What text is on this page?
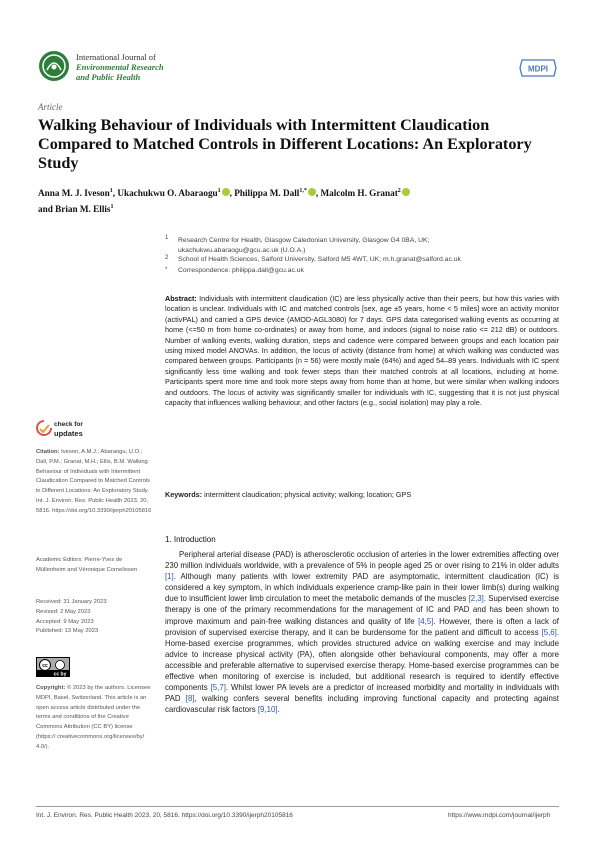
International Journal of
Environmental Research
and Public Health
MDPI
Article
Walking Behaviour of Individuals with Intermittent Claudication Compared to Matched Controls in Different Locations: An Exploratory Study
Anna M. J. Iveson$^1$, Ukachukwu O. Abaraogu$^1$ , Philippa M. Dall$^{1,*}$ , Malcolm H. Granat$^2$
and Brian M. Ellis$^1$
1 Research Centre for Health, Glasgow Caledonian University, Glasgow G4 0BA, UK; ukachukwu.abaraogu@gcu.ac.uk (U.O.A.)
2 School of Health Sciences, Salford University, Salford M5 4WT, UK; m.h.granat@salford.ac.uk
* Correspondence: philippa.dall@gcu.ac.uk
Abstract: Individuals with intermittent claudication (IC) are less physically active than their peers, but how this varies with location is unclear. Individuals with IC and matched controls [sex, age ±5 years, home < 5 miles] wore an activity monitor (activPAL) and carried a GPS device (AMOD-AGL3080) for 7 days. GPS data categorised walking events as occurring at home (<=50 m from home co-ordinates) or away from home, and indoors (signal to noise ratio <= 212 dB) or outdoors. Number of walking events, walking duration, steps and cadence were compared between groups and each location pair using mixed model ANOVAs. In addition, the locus of activity (distance from home) at which walking was conducted was compared between groups. Participants (n = 56) were mostly male (64%) and aged 54–89 years. Individuals with IC spent significantly less time walking and took fewer steps than their matched controls at all locations, including at home. Participants spent more time and took more steps away from home than at home, but were similar when walking indoors and outdoors. The locus of activity was significantly smaller for individuals with IC, suggesting that it is not just physical capacity that influences walking behaviour, and other factors (e.g., social isolation) may play a role.
Keywords: intermittent claudication; physical activity; walking; location; GPS
check for
updates
Citation: Iveson, A.M.J.; Abaraogu, U.O.; Dall, P.M.; Granat, M.H.; Ellis, B.M. Walking Behaviour of Individuals with Intermittent Claudication Compared to Matched Controls in Different Locations: An Exploratory Study. Int. J. Environ. Res. Public Health 2023, 20, 5816. https://doi.org/10.3390/ijerph20105816
Academic Editors: Pierre-Yves de Müllenheim and Véronique Cornelissen
Received: 31 January 2023
Revised: 2 May 2023
Accepted: 9 May 2023
Published: 13 May 2023
cc
cc by
Copyright: © 2023 by the authors. Licensee MDPI, Basel, Switzerland. This article is an open access article distributed under the terms and conditions of the Creative Commons Attribution (CC BY) license (https:// creativecommons.org/licenses/by/ 4.0/).
1. Introduction
Peripheral arterial disease (PAD) is atherosclerotic occlusion of arteries in the lower extremities affecting over 230 million individuals worldwide, with a prevalence of 5% in people aged 25 or over rising to 21% in older adults [1]. Although many patients with lower extremity PAD are asymptomatic, intermittent claudication (IC) is considered a key symptom, in which individuals experience cramp-like pain in their lower limb(s) during walking due to insufficient lower limb circulation to meet the metabolic demands of the muscles [2,3]. Supervised exercise therapy is one of the primary recommendations for the management of IC and PAD and has been shown to improve maximum and pain-free walking distances and quality of life [4,5]. However, there is often a lack of provision of supervised exercise therapy, and it can be burdensome for the patient and difficult to access [5,6]. Home-based exercise programmes, which provides structured advice on walking exercise and may include advice to increase physical activity (PA), often alongside other behavioural components, may offer a more accessible and preferable alternative to supervised exercise therapy. Home-based exercise programmes can be effective when monitoring of exercise is included, but additional research is required to identify effective components [5,7]. Whilst lower PA levels are a predictor of increased morbidity and mortality in individuals with PAD [8], walking confers several benefits including improving functional capacity and protecting against cardiovascular risk factors [9,10].
Int. J. Environ. Res. Public Health 2023, 20, 5816. https://doi.org/10.3390/ijerph20105816	https://www.mdpi.com/journal/ijerph
